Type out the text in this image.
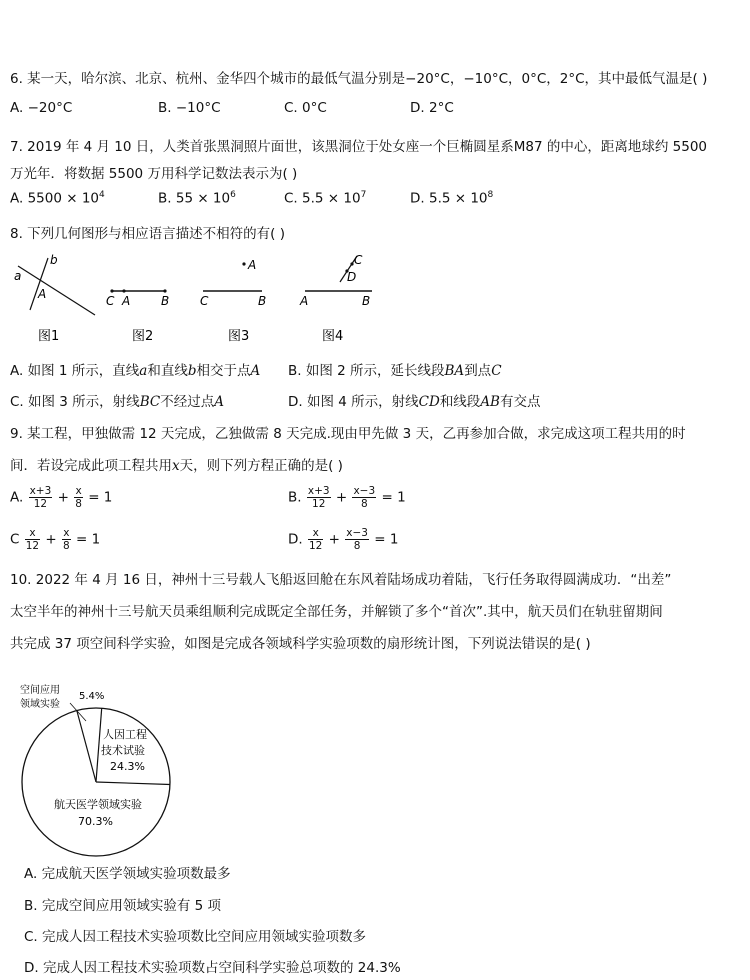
6. 某一天，哈尔滨、北京、杭州、金华四个城市的最低气温分别是−20°C，−10°C，0°C，2°C，其中最低气温是( )
A. −20°C	B. −10°C	C. 0°C	D. 2°C
7. 2019 年 4 月 10 日，人类首张黑洞照片面世，该黑洞位于处女座一个巨椭圆星系M87 的中心，距离地球约 5500
万光年．将数据 5500 万用科学记数法表示为( )
A. $5500 \times 10^4$	B. $55 \times 10^6$	C. $5.5 \times 10^7$	D. $5.5 \times 10^8$
8. 下列几何图形与相应语言描述不相符的有( )
a
b
A
图1
C A	B
图2
A
C	B
图3
C
D
A	B
图4
A. 如图 1 所示，直线a和直线b相交于点A B. 如图 2 所示，延长线段BA到点C
C. 如图 3 所示，射线BC不经过点A	D. 如图 4 所示，射线CD和线段AB有交点
9. 某工程，甲独做需 12 天完成，乙独做需 8 天完成.现由甲先做 3 天，乙再参加合做，求完成这项工程共用的时
间．若设完成此项工程共用x天，则下列方程正确的是( )
A. $\frac{x+3}{12} + \frac{x}{8} = 1$	B. $\frac{x+3}{12} + \frac{x-3}{8} = 1$
C $\frac{x}{12} + \frac{x}{8} = 1$	D. $\frac{x}{12} + \frac{x-3}{8} = 1$
10. 2022 年 4 月 16 日，神州十三号载人飞船返回舱在东风着陆场成功着陆，飞行任务取得圆满成功．“出差”
太空半年的神州十三号航天员乘组顺利完成既定全部任务，并解锁了多个“首次”.其中，航天员们在轨驻留期间
共完成 37 项空间科学实验，如图是完成各领域科学实验项数的扇形统计图，下列说法错误的是( )
空间应用
领域实验
5.4%
人因工程
技术试验
24.3%
航天医学领域实验
70.3%
A. 完成航天医学领域实验项数最多
B. 完成空间应用领域实验有 5 项
C. 完成人因工程技术实验项数比空间应用领域实验项数多
D. 完成人因工程技术实验项数占空间科学实验总项数的 24.3%
